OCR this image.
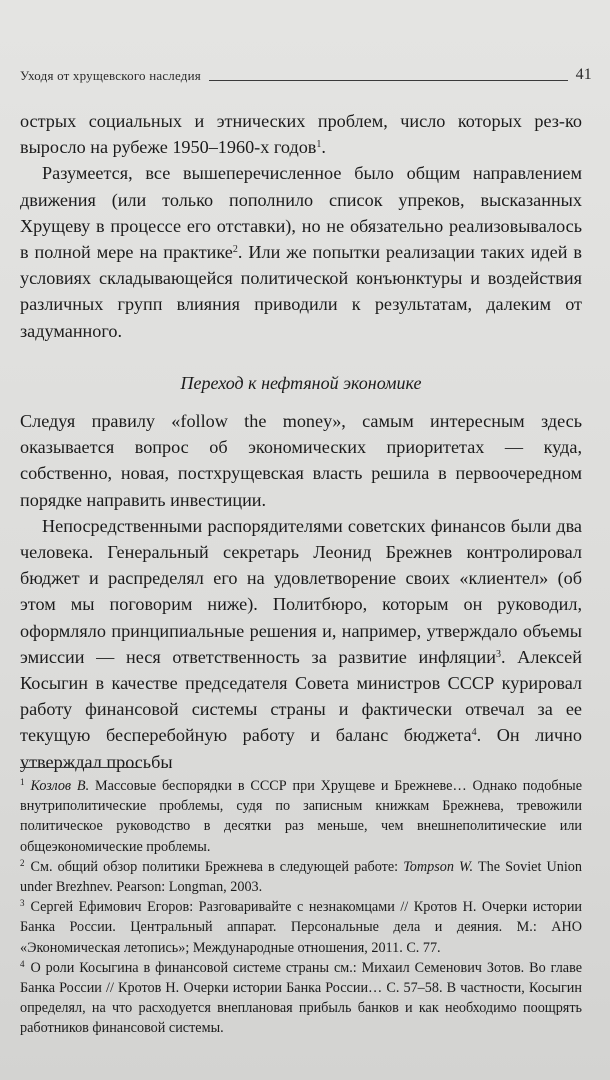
Уходя от хрущевского наследия	41

острых социальных и этнических проблем, число которых рез-ко выросло на рубеже 1950–1960-х годов$^1$.

Разумеется, все вышеперечисленное было общим направлением движения (или только пополнило список упреков, высказанных Хрущеву в процессе его отставки), но не обязательно реализовывалось в полной мере на практике$^2$. Или же попытки реализации таких идей в условиях складывающейся политической конъюнктуры и воздействия различных групп влияния приводили к результатам, далеким от задуманного.

Переход к нефтяной экономике

Следуя правилу «follow the money», самым интересным здесь оказывается вопрос об экономических приоритетах — куда, собственно, новая, постхрущевская власть решила в первоочередном порядке направить инвестиции.

Непосредственными распорядителями советских финансов были два человека. Генеральный секретарь Леонид Брежнев контролировал бюджет и распределял его на удовлетворение своих «клиентел» (об этом мы поговорим ниже). Политбюро, которым он руководил, оформляло принципиальные решения и, например, утверждало объемы эмиссии — неся ответственность за развитие инфляции$^3$. Алексей Косыгин в качестве председателя Совета министров СССР курировал работу финансовой системы страны и фактически отвечал за ее текущую бесперебойную работу и баланс бюджета$^4$. Он лично утверждал просьбы

$^1$ Козлов В. Массовые беспорядки в СССР при Хрущеве и Брежневе… Однако подобные внутриполитические проблемы, судя по записным книжкам Брежнева, тревожили политическое руководство в десятки раз меньше, чем внешнеполитические или общеэкономические проблемы.

$^2$ См. общий обзор политики Брежнева в следующей работе: Tompson W. The Soviet Union under Brezhnev. Pearson: Longman, 2003.

$^3$ Сергей Ефимович Егоров: Разговаривайте с незнакомцами // Кротов Н. Очерки истории Банка России. Центральный аппарат. Персональные дела и деяния. М.: АНО «Экономическая летопись»; Международные отношения, 2011. С. 77.

$^4$ О роли Косыгина в финансовой системе страны см.: Михаил Семенович Зотов. Во главе Банка России // Кротов Н. Очерки истории Банка России… С. 57–58. В частности, Косыгин определял, на что расходуется внеплановая прибыль банков и как необходимо поощрять работников финансовой системы.
